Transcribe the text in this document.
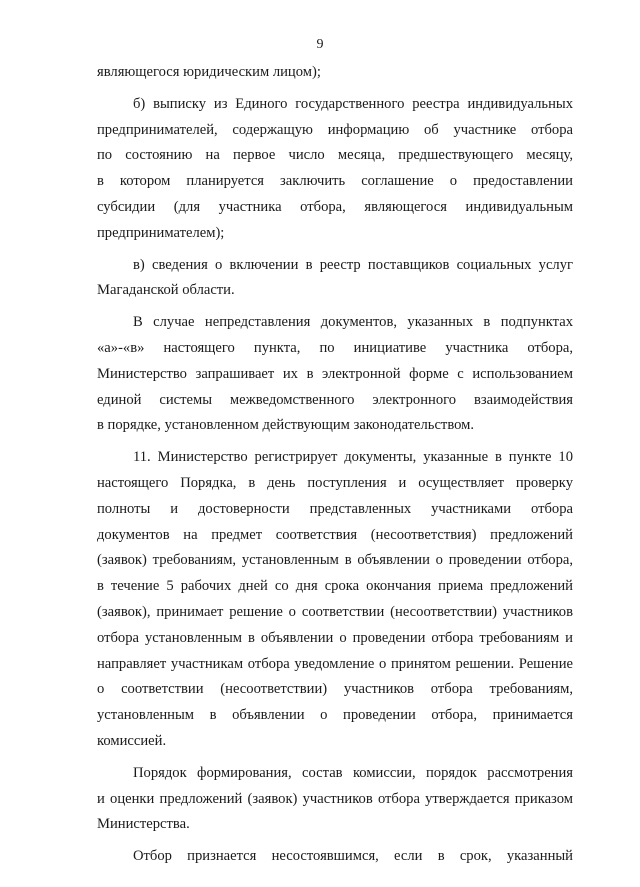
9
являющегося юридическим лицом);
б) выписку из Единого государственного реестра индивидуальных
предпринимателей, содержащую информацию об участнике отбора
по состоянию на первое число месяца, предшествующего месяцу,
в котором планируется заключить соглашение о предоставлении
субсидии (для участника отбора, являющегося индивидуальным
предпринимателем);
в) сведения о включении в реестр поставщиков социальных услуг
Магаданской области.
В случае непредставления документов, указанных в подпунктах
«а»-«в» настоящего пункта, по инициативе участника отбора,
Министерство запрашивает их в электронной форме с использованием
единой системы межведомственного электронного взаимодействия
в порядке, установленном действующим законодательством.
11. Министерство регистрирует документы, указанные в пункте 10
настоящего Порядка, в день поступления и осуществляет проверку
полноты и достоверности представленных участниками отбора
документов на предмет соответствия (несоответствия) предложений
(заявок) требованиям, установленным в объявлении о проведении отбора,
в течение 5 рабочих дней со дня срока окончания приема предложений
(заявок), принимает решение о соответствии (несоответствии) участников
отбора установленным в объявлении о проведении отбора требованиям и
направляет участникам отбора уведомление о принятом решении. Решение
о соответствии (несоответствии) участников отбора требованиям,
установленным в объявлении о проведении отбора, принимается
комиссией.
Порядок формирования, состав комиссии, порядок рассмотрения
и оценки предложений (заявок) участников отбора утверждается приказом
Министерства.
Отбор признается несостоявшимся, если в срок, указанный
